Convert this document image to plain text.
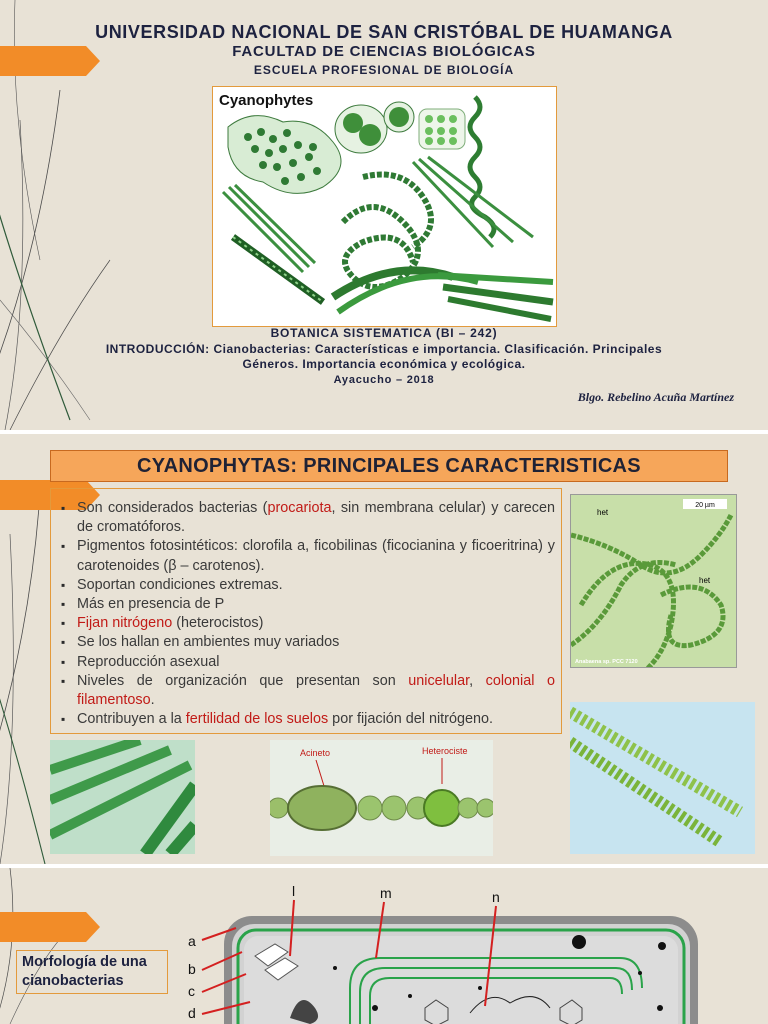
UNIVERSIDAD NACIONAL DE SAN CRISTÓBAL DE HUAMANGA
FACULTAD DE CIENCIAS BIOLÓGICAS
ESCUELA PROFESIONAL DE BIOLOGÍA
Cyanophytes
BOTANICA SISTEMATICA (BI – 242)
INTRODUCCIÓN: Cianobacterias: Características e importancia. Clasificación. Principales
Géneros. Importancia económica y ecológica.
Ayacucho – 2018
Blgo. Rebelino Acuña Martínez
CYANOPHYTAS: PRINCIPALES CARACTERISTICAS
▪ Son considerados bacterias (procariota, sin membrana celular) y carecen de cromatóforos.
▪ Pigmentos fotosintéticos: clorofila a, ficobilinas (ficocianina y ficoeritrina) y carotenoides (β – carotenos).
▪ Soportan condiciones extremas.
▪ Más en presencia de P
▪ Fijan nitrógeno (heterocistos)
▪ Se los hallan en ambientes muy variados
▪ Reproducción asexual
▪ Niveles de organización que presentan son unicelular, colonial o filamentoso.
▪ Contribuyen a la fertilidad de los suelos por fijación del nitrógeno.
20 µm
het
het
Anabaena sp. PCC 7120
Acineto	Heterociste
Morfología de una cianobacterias
l	m	n
a
b
c
d
